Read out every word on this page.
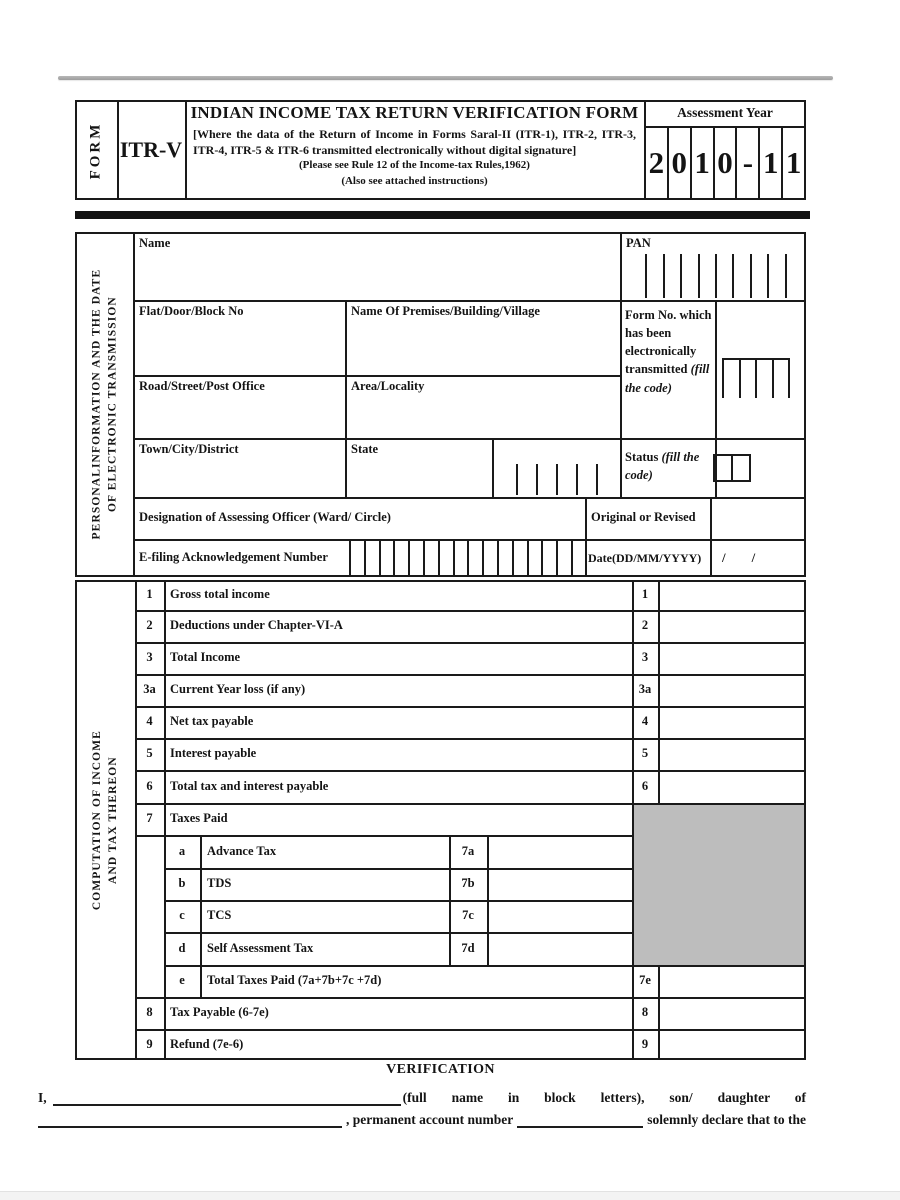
FORM ITR-V
INDIAN INCOME TAX RETURN VERIFICATION FORM
[Where the data of the Return of Income in Forms Saral-II (ITR-1), ITR-2, ITR-3, ITR-4, ITR-5 & ITR-6 transmitted electronically without digital signature]
(Please see Rule 12 of the Income-tax Rules,1962)
(Also see attached instructions)
Assessment Year
2 0 1 0 - 1 1
PERSONALINFORMATION AND THE DATE OF ELECTRONIC TRANSMISSION
Name	PAN
Flat/Door/Block No	Name Of Premises/Building/Village	Form No. which has been electronically transmitted (fill the code)
Road/Street/Post Office	Area/Locality
Town/City/District	State
Status (fill the code)
Designation of Assessing Officer (Ward/ Circle)	Original or Revised
E-filing Acknowledgement Number	Date(DD/MM/YYYY) / /
COMPUTATION OF INCOME AND TAX THEREON
1	Gross total income	1
2	Deductions under Chapter-VI-A	2
3	Total Income	3
3a	Current Year loss (if any)	3a
4	Net tax payable	4
5	Interest payable	5
6	Total tax and interest payable	6
7	Taxes Paid
a	Advance Tax	7a
b	TDS	7b
c	TCS	7c
d	Self Assessment Tax	7d
e	Total Taxes Paid (7a+7b+7c +7d)	7e
8	Tax Payable (6-7e)	8
9	Refund (7e-6)	9
VERIFICATION
I,	(full name in block letters), son/ daughter of
, permanent account number	solemnly declare that to the
